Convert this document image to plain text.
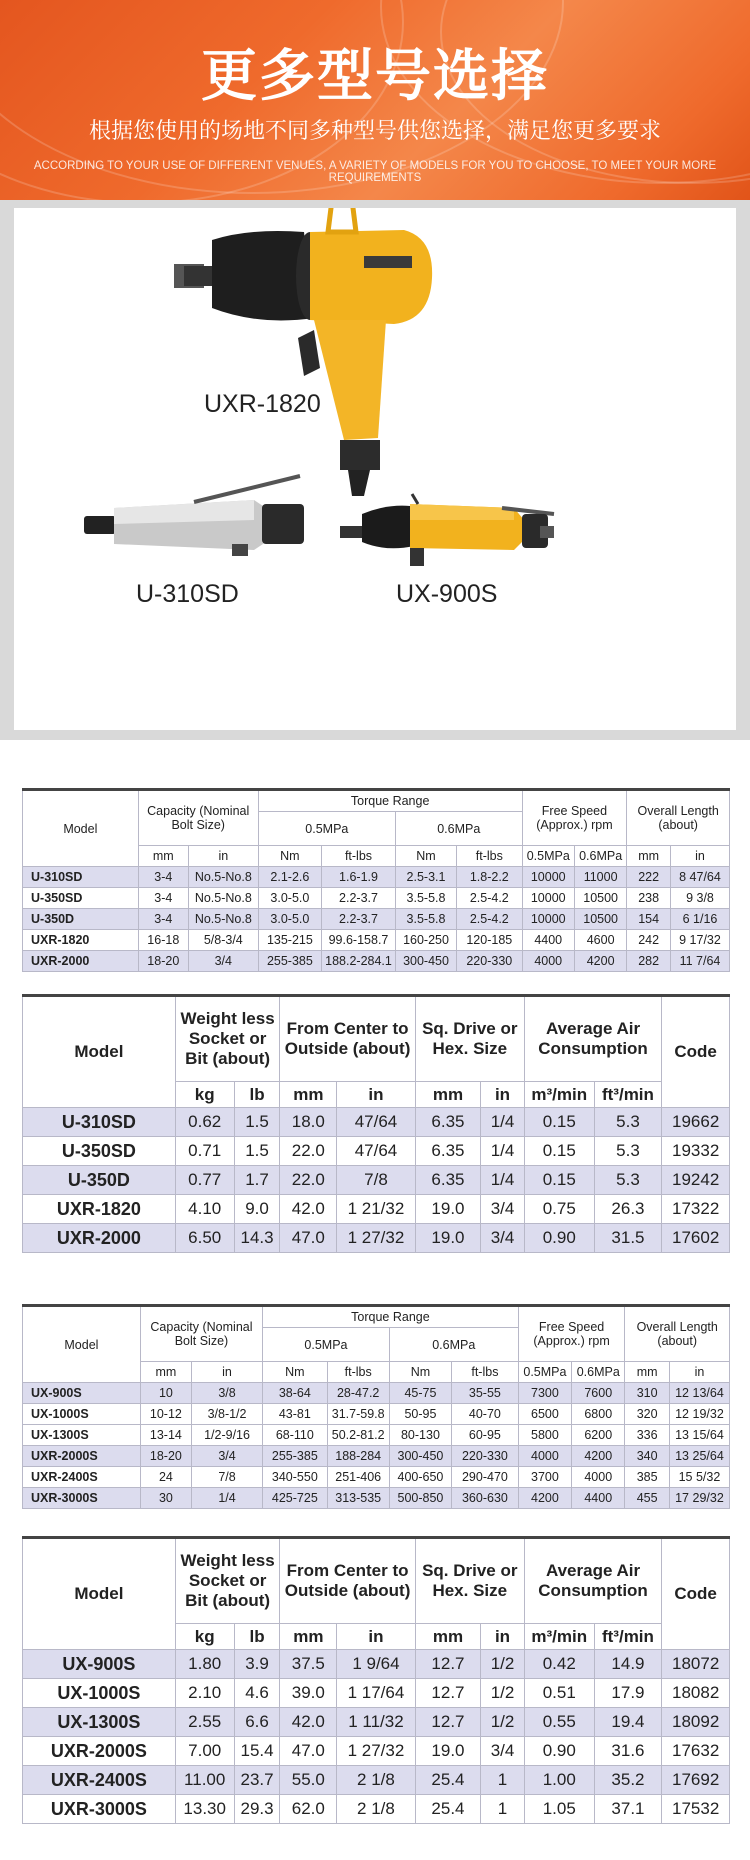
更多型号选择
根据您使用的场地不同多种型号供您选择，满足您更多要求
ACCORDING TO YOUR USE OF DIFFERENT VENUES, A VARIETY OF MODELS FOR YOU TO CHOOSE, TO MEET YOUR MORE REQUIREMENTS
UXR-1820
U-310SD	UX-900S
Model	Capacity (Nominal Bolt Size)		Torque Range				Free Speed (Approx.) rpm		Overall Length (about)	
			0.5MPa		0.6MPa					
	mm	in	Nm	ft-lbs	Nm	ft-lbs	0.5MPa	0.6MPa	mm	in
U-310SD	3-4	No.5-No.8	2.1-2.6	1.6-1.9	2.5-3.1	1.8-2.2	10000	11000	222	8 47/64
U-350SD	3-4	No.5-No.8	3.0-5.0	2.2-3.7	3.5-5.8	2.5-4.2	10000	10500	238	9 3/8
U-350D	3-4	No.5-No.8	3.0-5.0	2.2-3.7	3.5-5.8	2.5-4.2	10000	10500	154	6 1/16
UXR-1820	16-18	5/8-3/4	135-215	99.6-158.7	160-250	120-185	4400	4600	242	9 17/32
UXR-2000	18-20	3/4	255-385	188.2-284.1	300-450	220-330	4000	4200	282	11 7/64
Model	Weight less Socket or Bit (about)		From Center to Outside (about)		Sq. Drive or Hex. Size		Average Air Consumption		Code
	kg	lb	mm	in	mm	in	m³/min	ft³/min	
U-310SD	0.62	1.5	18.0	47/64	6.35	1/4	0.15	5.3	19662
U-350SD	0.71	1.5	22.0	47/64	6.35	1/4	0.15	5.3	19332
U-350D	0.77	1.7	22.0	7/8	6.35	1/4	0.15	5.3	19242
UXR-1820	4.10	9.0	42.0	1 21/32	19.0	3/4	0.75	26.3	17322
UXR-2000	6.50	14.3	47.0	1 27/32	19.0	3/4	0.90	31.5	17602
Model	Capacity (Nominal Bolt Size)		Torque Range				Free Speed (Approx.) rpm		Overall Length (about)	
			0.5MPa		0.6MPa					
	mm	in	Nm	ft-lbs	Nm	ft-lbs	0.5MPa	0.6MPa	mm	in
UX-900S	10	3/8	38-64	28-47.2	45-75	35-55	7300	7600	310	12 13/64
UX-1000S	10-12	3/8-1/2	43-81	31.7-59.8	50-95	40-70	6500	6800	320	12 19/32
UX-1300S	13-14	1/2-9/16	68-110	50.2-81.2	80-130	60-95	5800	6200	336	13 15/64
UXR-2000S	18-20	3/4	255-385	188-284	300-450	220-330	4000	4200	340	13 25/64
UXR-2400S	24	7/8	340-550	251-406	400-650	290-470	3700	4000	385	15 5/32
UXR-3000S	30	1/4	425-725	313-535	500-850	360-630	4200	4400	455	17 29/32
Model	Weight less Socket or Bit (about)		From Center to Outside (about)		Sq. Drive or Hex. Size		Average Air Consumption		Code
	kg	lb	mm	in	mm	in	m³/min	ft³/min	
UX-900S	1.80	3.9	37.5	1 9/64	12.7	1/2	0.42	14.9	18072
UX-1000S	2.10	4.6	39.0	1 17/64	12.7	1/2	0.51	17.9	18082
UX-1300S	2.55	6.6	42.0	1 11/32	12.7	1/2	0.55	19.4	18092
UXR-2000S	7.00	15.4	47.0	1 27/32	19.0	3/4	0.90	31.6	17632
UXR-2400S	11.00	23.7	55.0	2 1/8	25.4	1	1.00	35.2	17692
UXR-3000S	13.30	29.3	62.0	2 1/8	25.4	1	1.05	37.1	17532
